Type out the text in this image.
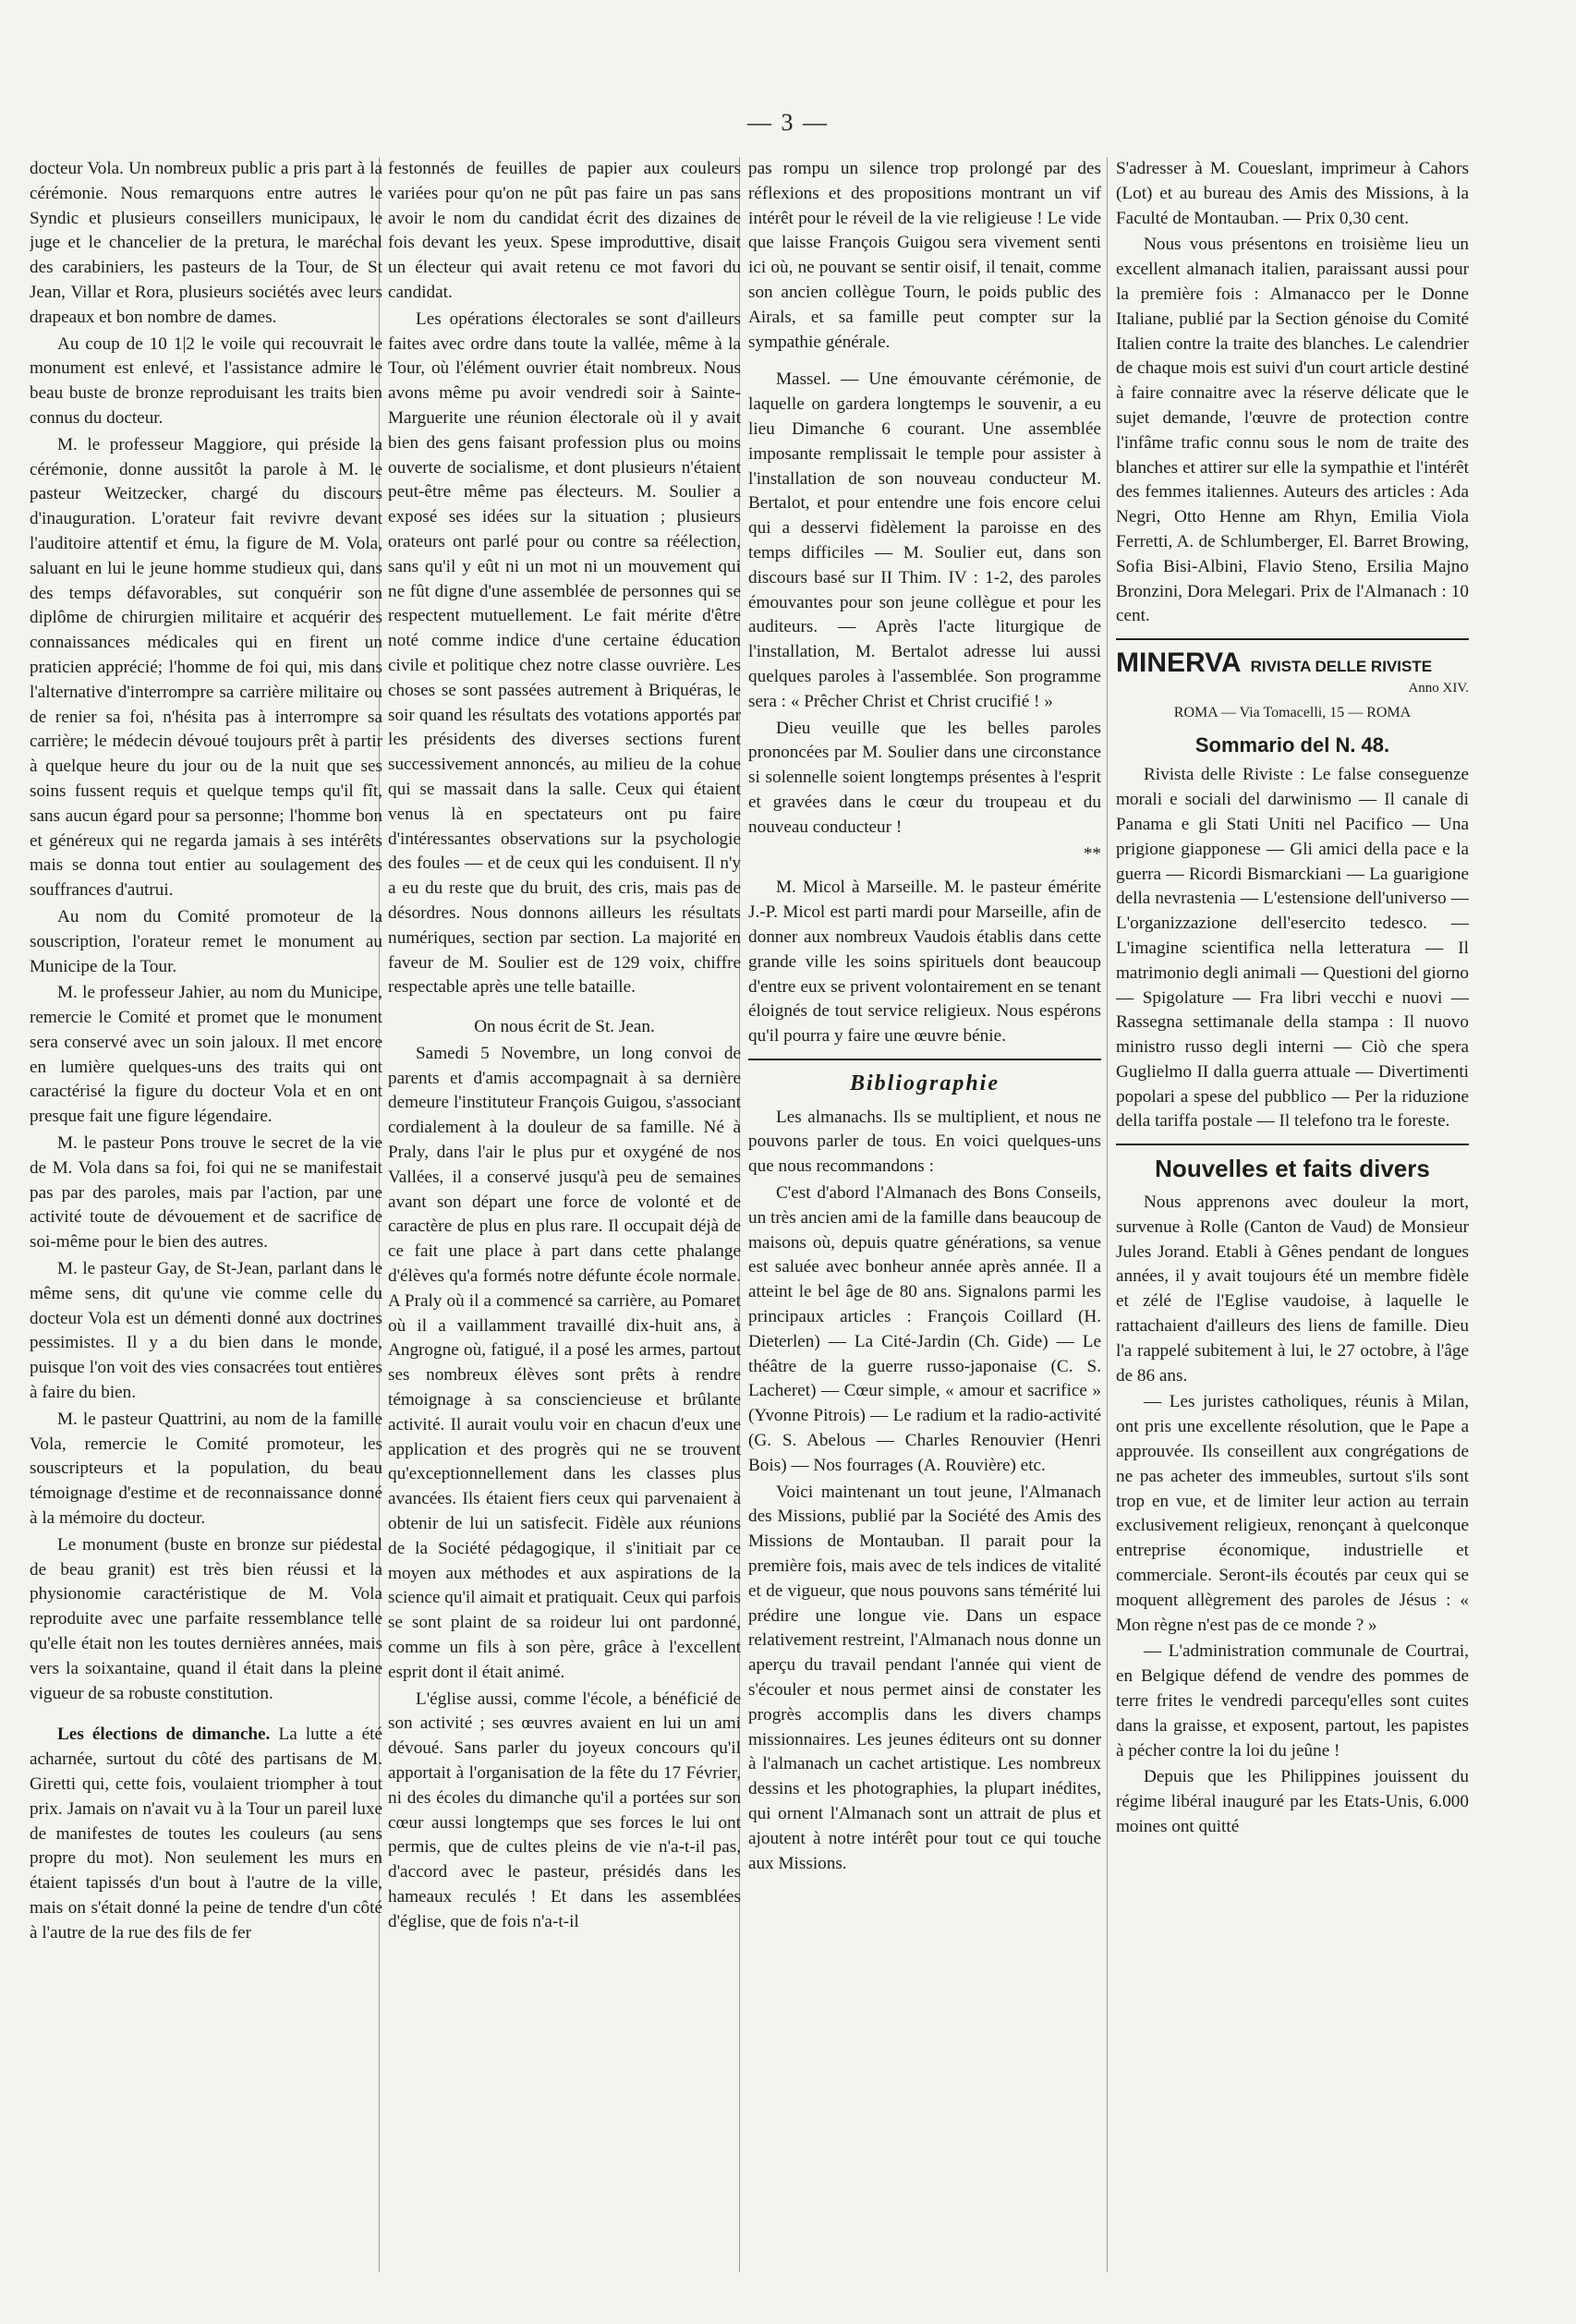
— 3 —

docteur Vola. Un nombreux public a pris part à la cérémonie. Nous remarquons entre autres le Syndic et plusieurs conseillers municipaux, le juge et le chancelier de la pretura, le maréchal des carabiniers, les pasteurs de la Tour, de St Jean, Villar et Rora, plusieurs sociétés avec leurs drapeaux et bon nombre de dames.

Au coup de 10 1|2 le voile qui recouvrait le monument est enlevé, et l'assistance admire le beau buste de bronze reproduisant les traits bien connus du docteur.

M. le professeur Maggiore, qui préside la cérémonie, donne aussitôt la parole à M. le pasteur Weitzecker, chargé du discours d'inauguration. L'orateur fait revivre devant l'auditoire attentif et ému, la figure de M. Vola, saluant en lui le jeune homme studieux qui, dans des temps défavorables, sut conquérir son diplôme de chirurgien militaire et acquérir des connaissances médicales qui en firent un praticien apprécié; l'homme de foi qui, mis dans l'alternative d'interrompre sa carrière militaire ou de renier sa foi, n'hésita pas à interrompre sa carrière; le médecin dévoué toujours prêt à partir à quelque heure du jour ou de la nuit que ses soins fussent requis et quelque temps qu'il fît, sans aucun égard pour sa personne; l'homme bon et généreux qui ne regarda jamais à ses intérêts mais se donna tout entier au soulagement des souffrances d'autrui.

Au nom du Comité promoteur de la souscription, l'orateur remet le monument au Municipe de la Tour.

M. le professeur Jahier, au nom du Municipe, remercie le Comité et promet que le monument sera conservé avec un soin jaloux. Il met encore en lumière quelques-uns des traits qui ont caractérisé la figure du docteur Vola et en ont presque fait une figure légendaire.

M. le pasteur Pons trouve le secret de la vie de M. Vola dans sa foi, foi qui ne se manifestait pas par des paroles, mais par l'action, par une activité toute de dévouement et de sacrifice de soi-même pour le bien des autres.

M. le pasteur Gay, de St-Jean, parlant dans le même sens, dit qu'une vie comme celle du docteur Vola est un démenti donné aux doctrines pessimistes. Il y a du bien dans le monde, puisque l'on voit des vies consacrées tout entières à faire du bien.

M. le pasteur Quattrini, au nom de la famille Vola, remercie le Comité promoteur, les souscripteurs et la population, du beau témoignage d'estime et de reconnaissance donné à la mémoire du docteur.

Le monument (buste en bronze sur piédestal de beau granit) est très bien réussi et la physionomie caractéristique de M. Vola reproduite avec une parfaite ressemblance telle qu'elle était non les toutes dernières années, mais vers la soixantaine, quand il était dans la pleine vigueur de sa robuste constitution.

Les élections de dimanche. La lutte a été acharnée, surtout du côté des partisans de M. Giretti qui, cette fois, voulaient triompher à tout prix. Jamais on n'avait vu à la Tour un pareil luxe de manifestes de toutes les couleurs (au sens propre du mot). Non seulement les murs en étaient tapissés d'un bout à l'autre de la ville, mais on s'était donné la peine de tendre d'un côté à l'autre de la rue des fils de fer

festonnés de feuilles de papier aux couleurs variées pour qu'on ne pût pas faire un pas sans avoir le nom du candidat écrit des dizaines de fois devant les yeux. Spese improduttive, disait un électeur qui avait retenu ce mot favori du candidat.

Les opérations électorales se sont d'ailleurs faites avec ordre dans toute la vallée, même à la Tour, où l'élément ouvrier était nombreux. Nous avons même pu avoir vendredi soir à Sainte-Marguerite une réunion électorale où il y avait bien des gens faisant profession plus ou moins ouverte de socialisme, et dont plusieurs n'étaient peut-être même pas électeurs. M. Soulier a exposé ses idées sur la situation ; plusieurs orateurs ont parlé pour ou contre sa réélection, sans qu'il y eût ni un mot ni un mouvement qui ne fût digne d'une assemblée de personnes qui se respectent mutuellement. Le fait mérite d'être noté comme indice d'une certaine éducation civile et politique chez notre classe ouvrière. Les choses se sont passées autrement à Briquéras, le soir quand les résultats des votations apportés par les présidents des diverses sections furent successivement annoncés, au milieu de la cohue qui se massait dans la salle. Ceux qui étaient venus là en spectateurs ont pu faire d'intéressantes observations sur la psychologie des foules — et de ceux qui les conduisent. Il n'y a eu du reste que du bruit, des cris, mais pas de désordres. Nous donnons ailleurs les résultats numériques, section par section. La majorité en faveur de M. Soulier est de 129 voix, chiffre respectable après une telle bataille.

On nous écrit de St. Jean.

Samedi 5 Novembre, un long convoi de parents et d'amis accompagnait à sa dernière demeure l'instituteur François Guigou, s'associant cordialement à la douleur de sa famille. Né à Praly, dans l'air le plus pur et oxygéné de nos Vallées, il a conservé jusqu'à peu de semaines avant son départ une force de volonté et de caractère de plus en plus rare. Il occupait déjà de ce fait une place à part dans cette phalange d'élèves qu'a formés notre défunte école normale. A Praly où il a commencé sa carrière, au Pomaret où il a vaillamment travaillé dix-huit ans, à Angrogne où, fatigué, il a posé les armes, partout ses nombreux élèves sont prêts à rendre témoignage à sa consciencieuse et brûlante activité. Il aurait voulu voir en chacun d'eux une application et des progrès qui ne se trouvent qu'exceptionnellement dans les classes plus avancées. Ils étaient fiers ceux qui parvenaient à obtenir de lui un satisfecit. Fidèle aux réunions de la Société pédagogique, il s'initiait par ce moyen aux méthodes et aux aspirations de la science qu'il aimait et pratiquait. Ceux qui parfois se sont plaint de sa roideur lui ont pardonné, comme un fils à son père, grâce à l'excellent esprit dont il était animé.

L'église aussi, comme l'école, a bénéficié de son activité ; ses œuvres avaient en lui un ami dévoué. Sans parler du joyeux concours qu'il apportait à l'organisation de la fête du 17 Février, ni des écoles du dimanche qu'il a portées sur son cœur aussi longtemps que ses forces le lui ont permis, que de cultes pleins de vie n'a-t-il pas, d'accord avec le pasteur, présidés dans les hameaux reculés ! Et dans les assemblées d'église, que de fois n'a-t-il

pas rompu un silence trop prolongé par des réflexions et des propositions montrant un vif intérêt pour le réveil de la vie religieuse ! Le vide que laisse François Guigou sera vivement senti ici où, ne pouvant se sentir oisif, il tenait, comme son ancien collègue Tourn, le poids public des Airals, et sa famille peut compter sur la sympathie générale.

Massel. — Une émouvante cérémonie, de laquelle on gardera longtemps le souvenir, a eu lieu Dimanche 6 courant. Une assemblée imposante remplissait le temple pour assister à l'installation de son nouveau conducteur M. Bertalot, et pour entendre une fois encore celui qui a desservi fidèlement la paroisse en des temps difficiles — M. Soulier eut, dans son discours basé sur II Thim. IV : 1-2, des paroles émouvantes pour son jeune collègue et pour les auditeurs. — Après l'acte liturgique de l'installation, M. Bertalot adresse lui aussi quelques paroles à l'assemblée. Son programme sera : « Prêcher Christ et Christ crucifié ! »

Dieu veuille que les belles paroles prononcées par M. Soulier dans une circonstance si solennelle soient longtemps présentes à l'esprit et gravées dans le cœur du troupeau et du nouveau conducteur !

**

M. Micol à Marseille. M. le pasteur émérite J.-P. Micol est parti mardi pour Marseille, afin de donner aux nombreux Vaudois établis dans cette grande ville les soins spirituels dont beaucoup d'entre eux se privent volontairement en se tenant éloignés de tout service religieux. Nous espérons qu'il pourra y faire une œuvre bénie.

Bibliographie

Les almanachs. Ils se multiplient, et nous ne pouvons parler de tous. En voici quelques-uns que nous recommandons :

C'est d'abord l'Almanach des Bons Conseils, un très ancien ami de la famille dans beaucoup de maisons où, depuis quatre générations, sa venue est saluée avec bonheur année après année. Il a atteint le bel âge de 80 ans. Signalons parmi les principaux articles : François Coillard (H. Dieterlen) — La Cité-Jardin (Ch. Gide) — Le théâtre de la guerre russo-japonaise (C. S. Lacheret) — Cœur simple, « amour et sacrifice » (Yvonne Pitrois) — Le radium et la radio-activité (G. S. Abelous — Charles Renouvier (Henri Bois) — Nos fourrages (A. Rouvière) etc.

Voici maintenant un tout jeune, l'Almanach des Missions, publié par la Société des Amis des Missions de Montauban. Il parait pour la première fois, mais avec de tels indices de vitalité et de vigueur, que nous pouvons sans témérité lui prédire une longue vie. Dans un espace relativement restreint, l'Almanach nous donne un aperçu du travail pendant l'année qui vient de s'écouler et nous permet ainsi de constater les progrès accomplis dans les divers champs missionnaires. Les jeunes éditeurs ont su donner à l'almanach un cachet artistique. Les nombreux dessins et les photographies, la plupart inédites, qui ornent l'Almanach sont un attrait de plus et ajoutent à notre intérêt pour tout ce qui touche aux Missions.

S'adresser à M. Coueslant, imprimeur à Cahors (Lot) et au bureau des Amis des Missions, à la Faculté de Montauban. — Prix 0,30 cent.

Nous vous présentons en troisième lieu un excellent almanach italien, paraissant aussi pour la première fois : Almanacco per le Donne Italiane, publié par la Section génoise du Comité Italien contre la traite des blanches. Le calendrier de chaque mois est suivi d'un court article destiné à faire connaitre avec la réserve délicate que le sujet demande, l'œuvre de protection contre l'infâme trafic connu sous le nom de traite des blanches et attirer sur elle la sympathie et l'intérêt des femmes italiennes. Auteurs des articles : Ada Negri, Otto Henne am Rhyn, Emilia Viola Ferretti, A. de Schlumberger, El. Barret Browing, Sofia Bisi-Albini, Flavio Steno, Ersilia Majno Bronzini, Dora Melegari. Prix de l'Almanach : 10 cent.

MINERVA RIVISTA DELLE RIVISTE
Anno XIV.
ROMA — Via Tomacelli, 15 — ROMA
Sommario del N. 48.

Rivista delle Riviste : Le false conseguenze morali e sociali del darwinismo — Il canale di Panama e gli Stati Uniti nel Pacifico — Una prigione giapponese — Gli amici della pace e la guerra — Ricordi Bismarckiani — La guarigione della nevrastenia — L'estensione dell'universo — L'organizzazione dell'esercito tedesco. — L'imagine scientifica nella letteratura — Il matrimonio degli animali — Questioni del giorno — Spigolature — Fra libri vecchi e nuovi — Rassegna settimanale della stampa : Il nuovo ministro russo degli interni — Ciò che spera Guglielmo II dalla guerra attuale — Divertimenti popolari a spese del pubblico — Per la riduzione della tariffa postale — Il telefono tra le foreste.

Nouvelles et faits divers

Nous apprenons avec douleur la mort, survenue à Rolle (Canton de Vaud) de Monsieur Jules Jorand. Etabli à Gênes pendant de longues années, il y avait toujours été un membre fidèle et zélé de l'Eglise vaudoise, à laquelle le rattachaient d'ailleurs des liens de famille. Dieu l'a rappelé subitement à lui, le 27 octobre, à l'âge de 86 ans.

— Les juristes catholiques, réunis à Milan, ont pris une excellente résolution, que le Pape a approuvée. Ils conseillent aux congrégations de ne pas acheter des immeubles, surtout s'ils sont trop en vue, et de limiter leur action au terrain exclusivement religieux, renonçant à quelconque entreprise économique, industrielle et commerciale. Seront-ils écoutés par ceux qui se moquent allègrement des paroles de Jésus : « Mon règne n'est pas de ce monde ? »

— L'administration communale de Courtrai, en Belgique défend de vendre des pommes de terre frites le vendredi parcequ'elles sont cuites dans la graisse, et exposent, partout, les papistes à pécher contre la loi du jeûne !

Depuis que les Philippines jouissent du régime libéral inauguré par les Etats-Unis, 6.000 moines ont quitté
